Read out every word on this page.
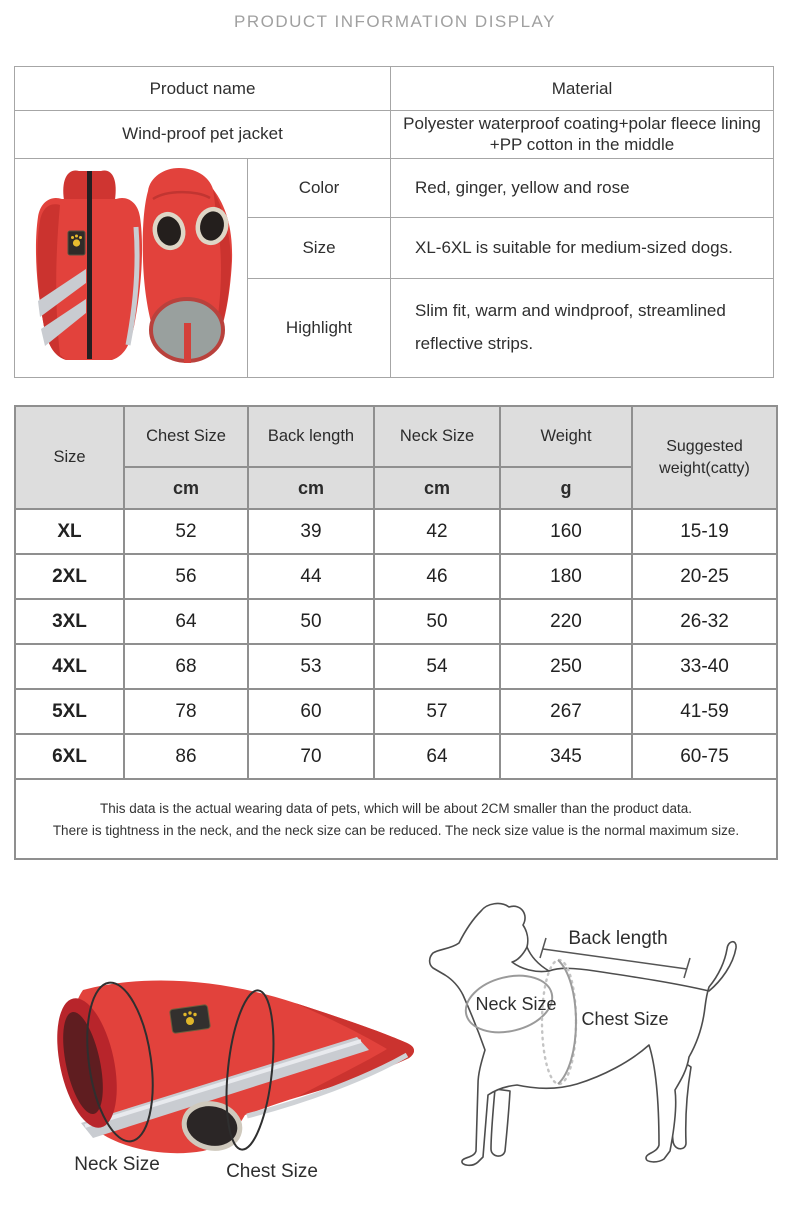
PRODUCT INFORMATION DISPLAY
Product name		Material
Wind-proof pet jacket		Polyester waterproof coating+polar fleece lining +PP cotton in the middle
	Color	Red, ginger, yellow and rose
	Size	XL-6XL is suitable for medium-sized dogs.
	Highlight	Slim fit, warm and windproof, streamlined reflective strips.
Size	Chest Size	Back length	Neck Size	Weight	Suggested weight(catty)
	cm	cm	cm	g	
XL	52	39	42	160	15-19
2XL	56	44	46	180	20-25
3XL	64	50	50	220	26-32
4XL	68	53	54	250	33-40
5XL	78	60	57	267	41-59
6XL	86	70	64	345	60-75

This data is the actual wearing data of pets, which will be about 2CM smaller than the product data.
There is tightness in the neck, and the neck size can be reduced. The neck size value is the normal maximum size.					
Back length
Neck Size
Chest Size
Neck Size	Chest Size
